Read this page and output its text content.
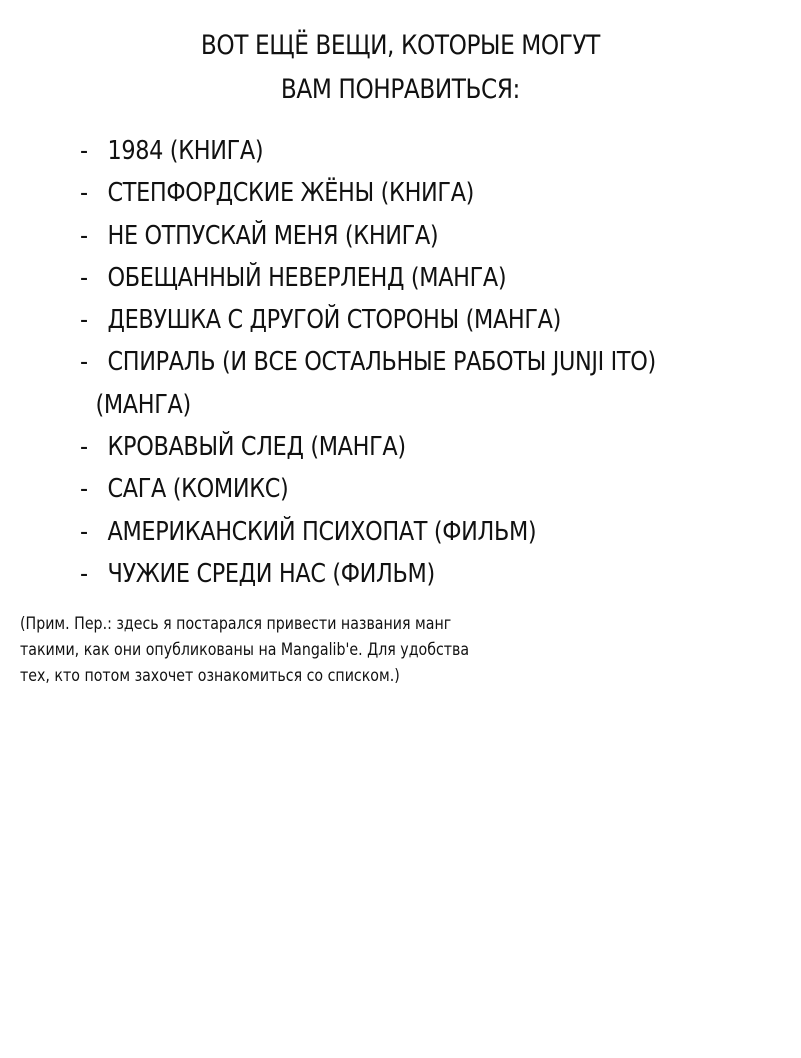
ВОТ ЕЩЁ ВЕЩИ, КОТОРЫЕ МОГУТ
ВАМ ПОНРАВИТЬСЯ:
- 1984 (КНИГА)
- СТЕПФОРДСКИЕ ЖЁНЫ (КНИГА)
- НЕ ОТПУСКАЙ МЕНЯ (КНИГА)
- ОБЕЩАННЫЙ НЕВЕРЛЕНД (МАНГА)
- ДЕВУШКА С ДРУГОЙ СТОРОНЫ (МАНГА)
- СПИРАЛЬ (И ВСЕ ОСТАЛЬНЫЕ РАБОТЫ JUNJI ITO)
(МАНГА)
- КРОВАВЫЙ СЛЕД (МАНГА)
- САГА (КОМИКС)
- АМЕРИКАНСКИЙ ПСИХОПАТ (ФИЛЬМ)
- ЧУЖИЕ СРЕДИ НАС (ФИЛЬМ)
(Прим. Пер.: здесь я постарался привести названия манг
такими, как они опубликованы на Mangalib'е. Для удобства
тех, кто потом захочет ознакомиться со списком.)
